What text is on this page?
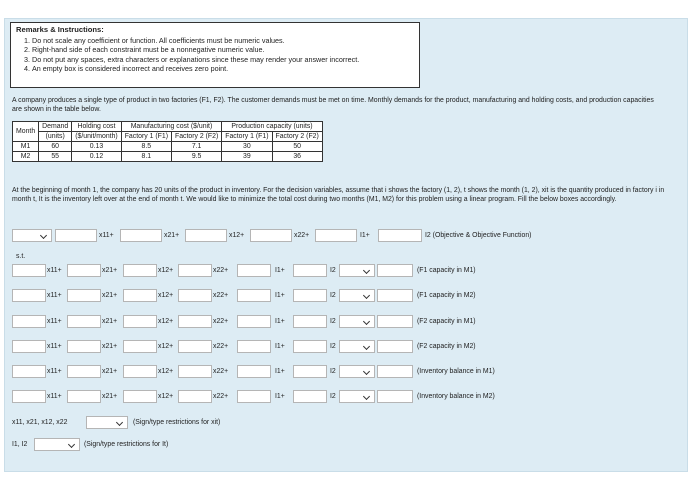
Remarks & Instructions:
1. Do not scale any coefficient or function. All coefficients must be numeric values.
2. Right-hand side of each constraint must be a nonnegative numeric value.
3. Do not put any spaces, extra characters or explanations since these may render your answer incorrect.
4. An empty box is considered incorrect and receives zero point.
A company produces a single type of product in two factories (F1, F2). The customer demands must be met on time. Monthly demands for the product, manufacturing and holding costs, and production capacities are shown in the table below.
Month	Demand	Holding cost	Manufacturing cost ($/unit)		Production capacity (units)	
	(units)	($/unit/month)	Factory 1 (F1)	Factory 2 (F2)	Factory 1 (F1)	Factory 2 (F2)
M1	60	0.13	8.5	7.1	30	50
M2	55	0.12	8.1	9.5	39	36
At the beginning of month 1, the company has 20 units of the product in inventory. For the decision variables, assume that i shows the factory (1, 2), t shows the month (1, 2), xit is the quantity produced in factory i in month t, It is the inventory left over at the end of month t. We would like to minimize the total cost during two months (M1, M2) for this problem using a linear program. Fill the below boxes accordingly.
x11+	x21+	x12+	x22+	I1+	I2 (Objective & Objective Function)
s.t.
x11+	x21+	x12+	x22+	I1+	I2	(F1 capacity in M1)
x11+	x21+	x12+	x22+	I1+	I2	(F1 capacity in M2)
x11+	x21+	x12+	x22+	I1+	I2	(F2 capacity in M1)
x11+	x21+	x12+	x22+	I1+	I2	(F2 capacity in M2)
x11+	x21+	x12+	x22+	I1+	I2	(Inventory balance in M1)
x11+	x21+	x12+	x22+	I1+	I2	(Inventory balance in M2)
x11, x21, x12, x22	(Sign/type restrictions for xit)
I1, I2	(Sign/type restrictions for It)
